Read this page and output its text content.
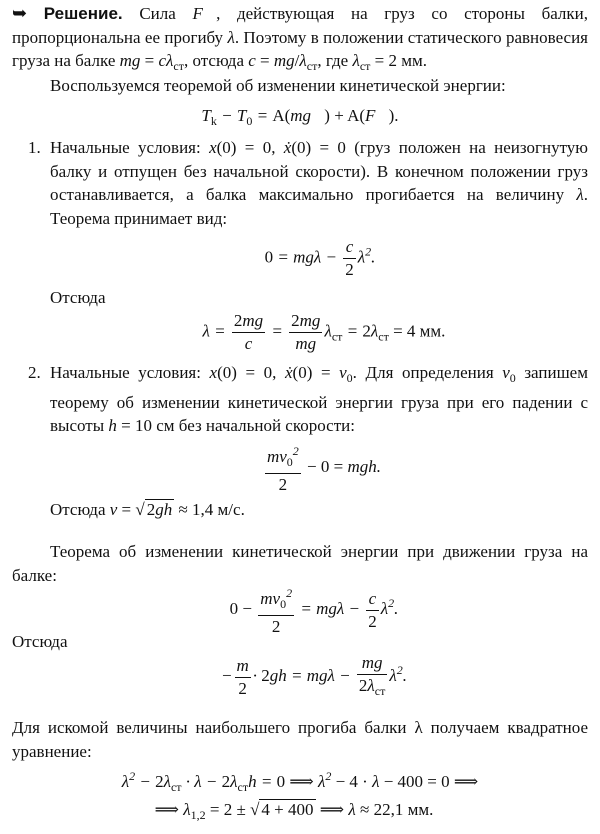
➥ Решение. Сила F⃗, действующая на груз со стороны балки, пропорциональна ее прогибу λ. Поэтому в положении статического равновесия груза на балке mg = $c\lambda_{ст}$, отсюда $c = mg/\lambda_{ст}$, где $\lambda_{ст} = 2$ мм.

Воспользуемся теоремой об изменении кинетической энергии:

$T_k - T_0$ = A(mg⃗) + A(F⃗).
1. Начальные условия: x(0) = 0, ẋ(0) = 0 (груз положен на неизогнутую балку и отпущен без начальной скорости). В конечном положении груз останавливается, а балка максимально прогибается на величину λ. Теорема принимает вид:

$0 = mg\lambda - \frac{c}{2} \lambda^2$.
Отсюда
$\lambda = \frac{2mg}{c} = \frac{2mg}{mg} \lambda_{ст} = 2\lambda_{ст} = 4$ мм.
2. Начальные условия: x(0) = 0, ẋ(0) = $v_0$. Для определения $v_0$ запишем теорему об изменении кинетической энергии груза при его падении с высоты h = 10 см без начальной скорости:

$\frac{mv_0^2}{2} - 0$ = mgh.

Отсюда v = √ 2gh ≈ 1,4 м/с.

Теорема об изменении кинетической энергии при движении груза на балке:

$0 - \frac{mv_0^2}{2} = mg\lambda - \frac{c}{2} \lambda^2$.
Отсюда
− $\frac{m}{2} \cdot 2gh = mg\lambda - \frac{mg}{2\lambda_{ст}} \lambda^2$.

Для искомой величины наибольшего прогиба балки λ получаем квадратное уравнение:

$\lambda^2 - 2\lambda_{ст} \cdot \lambda - 2\lambda_{ст}h = 0$ ⟹ $\lambda^2 - 4 \cdot \lambda - 400 = 0$ ⟹
⟹ $\lambda_{1,2} = 2$ ± √ 4 + 400 ⟹ λ ≈ 22,1 мм.
